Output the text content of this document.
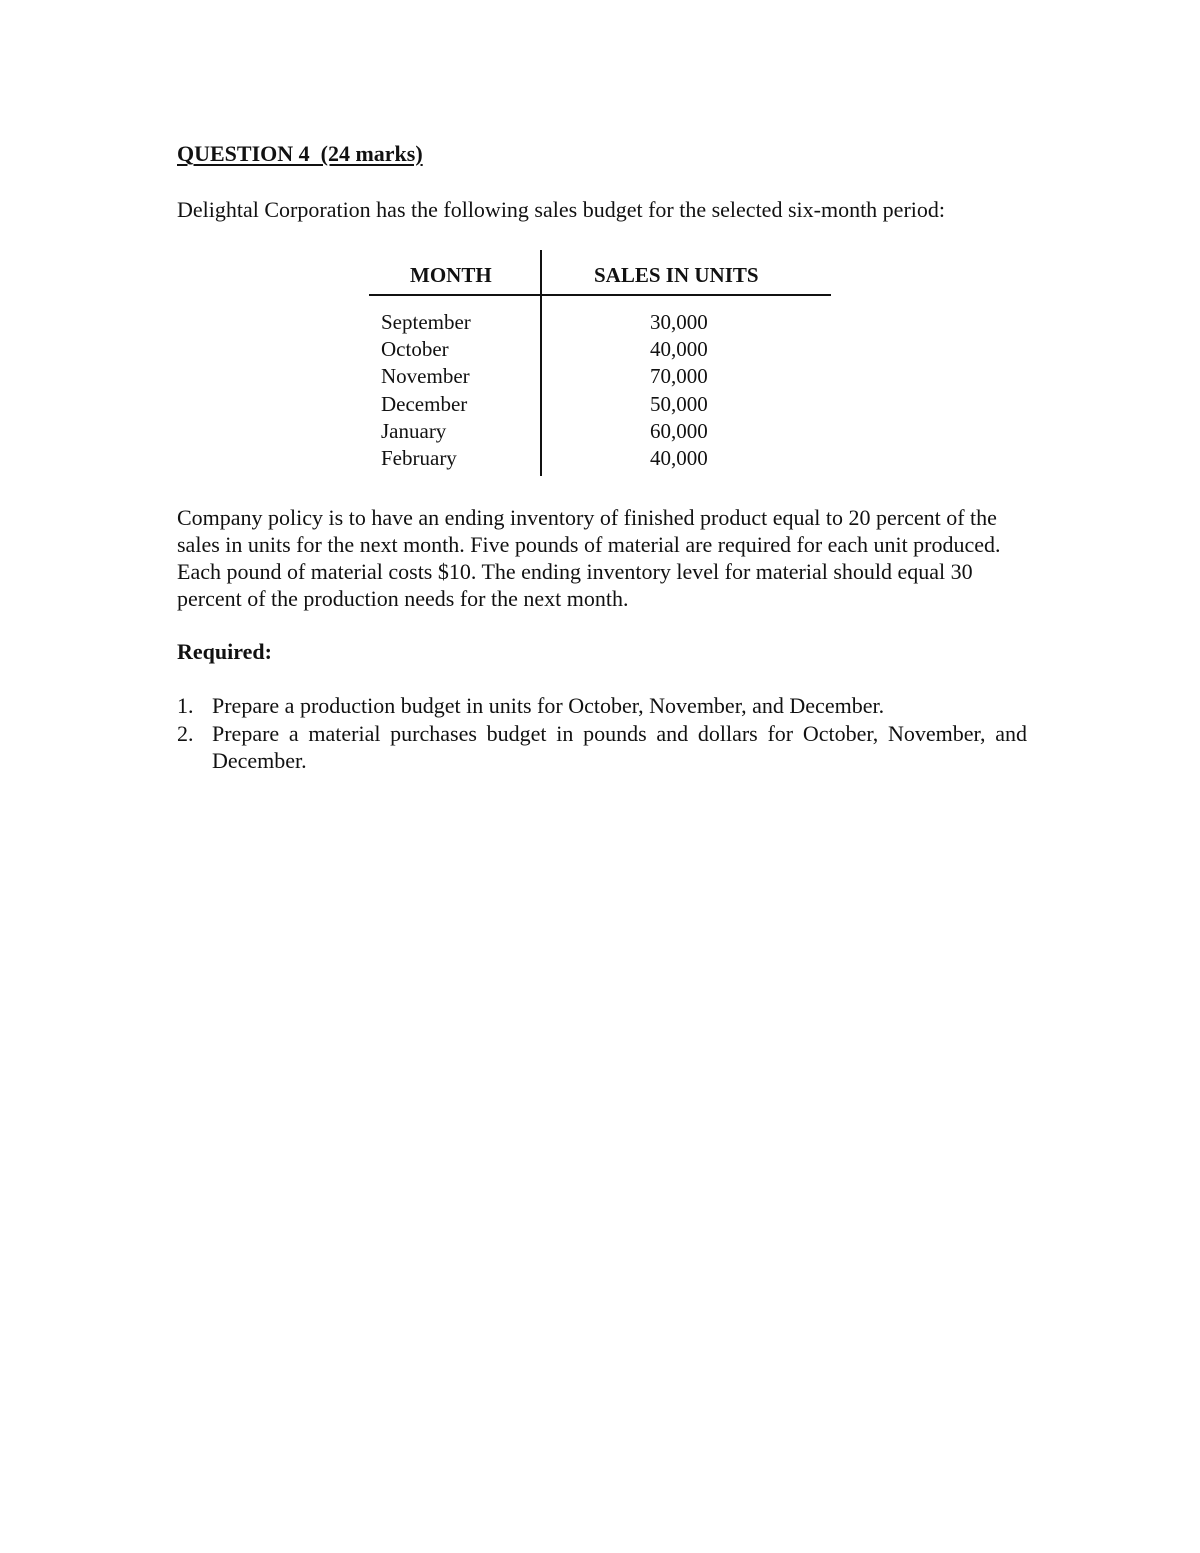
QUESTION 4  (24 marks)
Delightal Corporation has the following sales budget for the selected six-month period:
MONTH	SALES IN UNITS
September	30,000
October	40,000
November	70,000
December	50,000
January	60,000
February	40,000
Company policy is to have an ending inventory of finished product equal to 20 percent of the sales in units for the next month. Five pounds of material are required for each unit produced. Each pound of material costs $10. The ending inventory level for material should equal 30 percent of the production needs for the next month.
Required:
1. Prepare a production budget in units for October, November, and December.
2. Prepare a material purchases budget in pounds and dollars for October, November, and December.
